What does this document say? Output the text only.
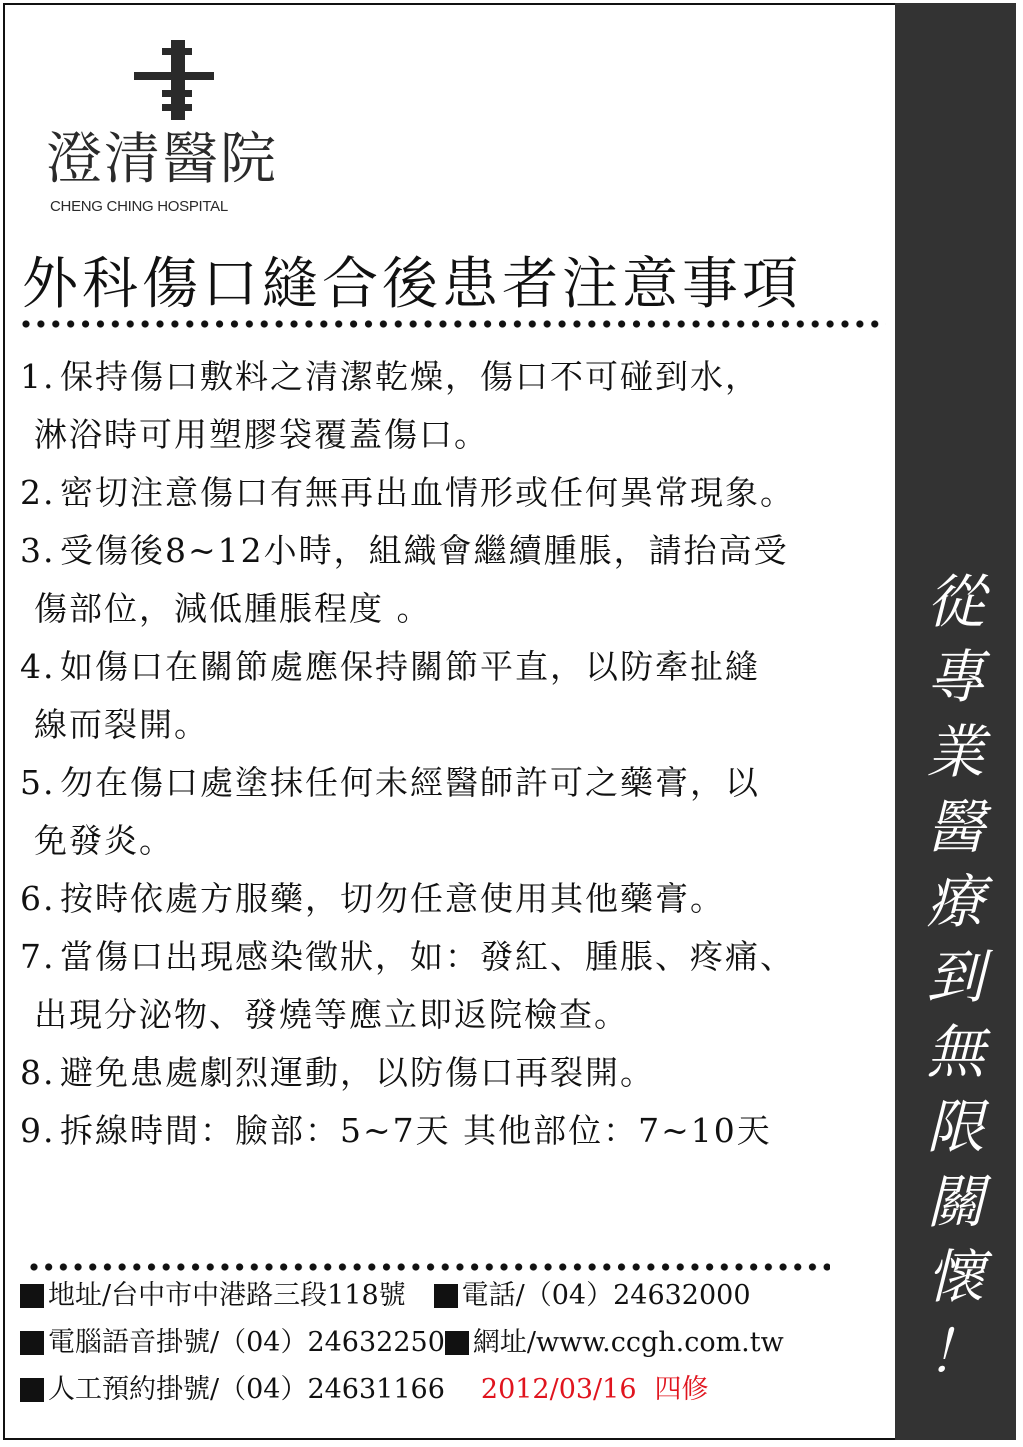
澄清醫院
CHENG CHING HOSPITAL
外科傷口縫合後患者注意事項
1. 保持傷口敷料之清潔乾燥，傷口不可碰到水，
淋浴時可用塑膠袋覆蓋傷口。
2. 密切注意傷口有無再出血情形或任何異常現象。
3. 受傷後8~12小時，組織會繼續腫脹，請抬高受
傷部位，減低腫脹程度 。
4. 如傷口在關節處應保持關節平直，以防牽扯縫
線而裂開。
5. 勿在傷口處塗抹任何未經醫師許可之藥膏，以
免發炎。
6. 按時依處方服藥，切勿任意使用其他藥膏。
7. 當傷口出現感染徵狀，如：發紅、腫脹、疼痛、
出現分泌物、發燒等應立即返院檢查。
8. 避免患處劇烈運動，以防傷口再裂開。
9. 拆線時間：臉部：5~7天 其他部位：7~10天
地址/台中市中港路三段118號 電話/（04）24632000
電腦語音掛號/（04）24632250 網址/www.ccgh.com.tw
人工預約掛號/（04）24631166 2012/03/16 四修
從
專
業
醫
療
到
無
限
關
懷
！
